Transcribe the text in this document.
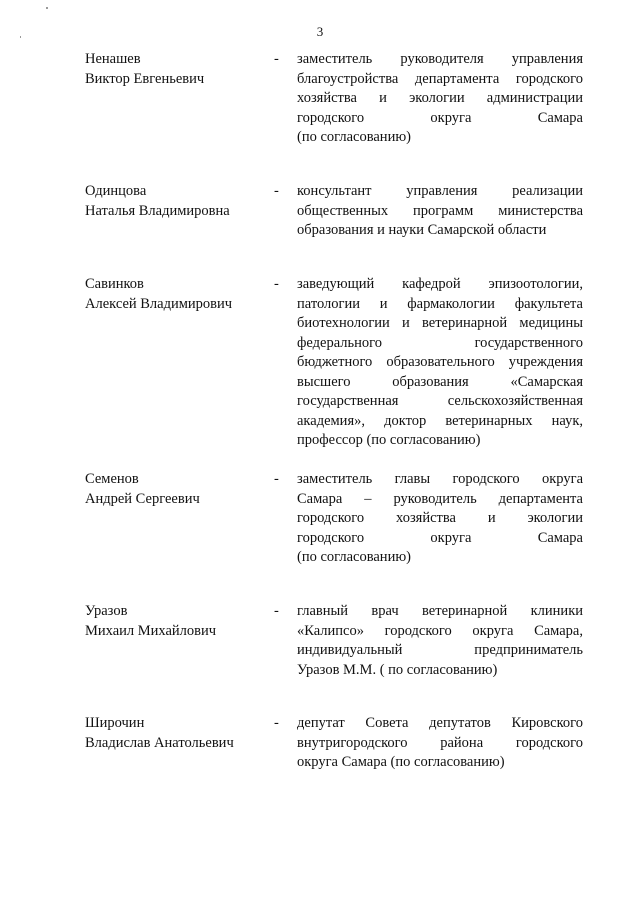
3
Ненашев
Виктор Евгеньевич
- заместитель руководителя управления
благоустройства департамента городского
хозяйства и экологии администрации
городского округа Самара
(по согласованию)
Одинцова
Наталья Владимировна
- консультант управления реализации
общественных программ министерства
образования и науки Самарской области
Савинков
Алексей Владимирович
- заведующий кафедрой эпизоотологии,
патологии и фармакологии факультета
биотехнологии и ветеринарной медицины
федерального государственного
бюджетного образовательного учреждения
высшего образования «Самарская
государственная сельскохозяйственная
академия», доктор ветеринарных наук,
профессор (по согласованию)
Семенов
Андрей Сергеевич
- заместитель главы городского округа
Самара – руководитель департамента
городского хозяйства и экологии
городского округа Самара
(по согласованию)
Уразов
Михаил Михайлович
- главный врач ветеринарной клиники
«Калипсо» городского округа Самара,
индивидуальный предприниматель
Уразов М.М. ( по согласованию)
Широчин
Владислав Анатольевич
- депутат Совета депутатов Кировского
внутригородского района городского
округа Самара (по согласованию)
